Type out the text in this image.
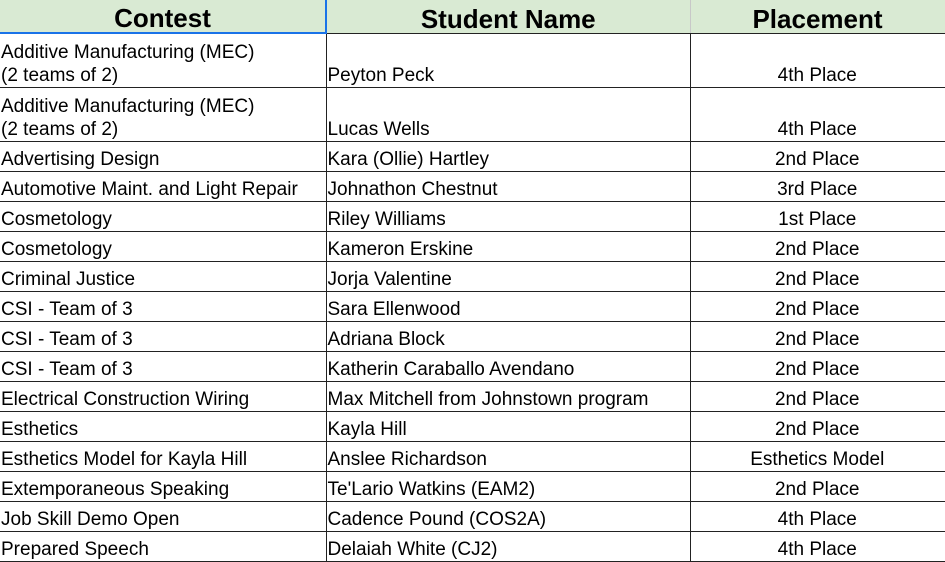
Contest	Student Name	Placement
Additive Manufacturing (MEC)
(2 teams of 2)	Peyton Peck	4th Place
Additive Manufacturing (MEC)
(2 teams of 2)	Lucas Wells	4th Place
Advertising Design	Kara (Ollie) Hartley	2nd Place
Automotive Maint. and Light Repair	Johnathon Chestnut	3rd Place
Cosmetology	Riley Williams	1st Place
Cosmetology	Kameron Erskine	2nd Place
Criminal Justice	Jorja Valentine	2nd Place
CSI - Team of 3	Sara Ellenwood	2nd Place
CSI - Team of 3	Adriana Block	2nd Place
CSI - Team of 3	Katherin Caraballo Avendano	2nd Place
Electrical Construction Wiring	Max Mitchell from Johnstown program	2nd Place
Esthetics	Kayla Hill	2nd Place
Esthetics Model for Kayla Hill	Anslee Richardson	Esthetics Model
Extemporaneous Speaking	Te'Lario Watkins (EAM2)	2nd Place
Job Skill Demo Open	Cadence Pound (COS2A)	4th Place
Prepared Speech	Delaiah White (CJ2)	4th Place
